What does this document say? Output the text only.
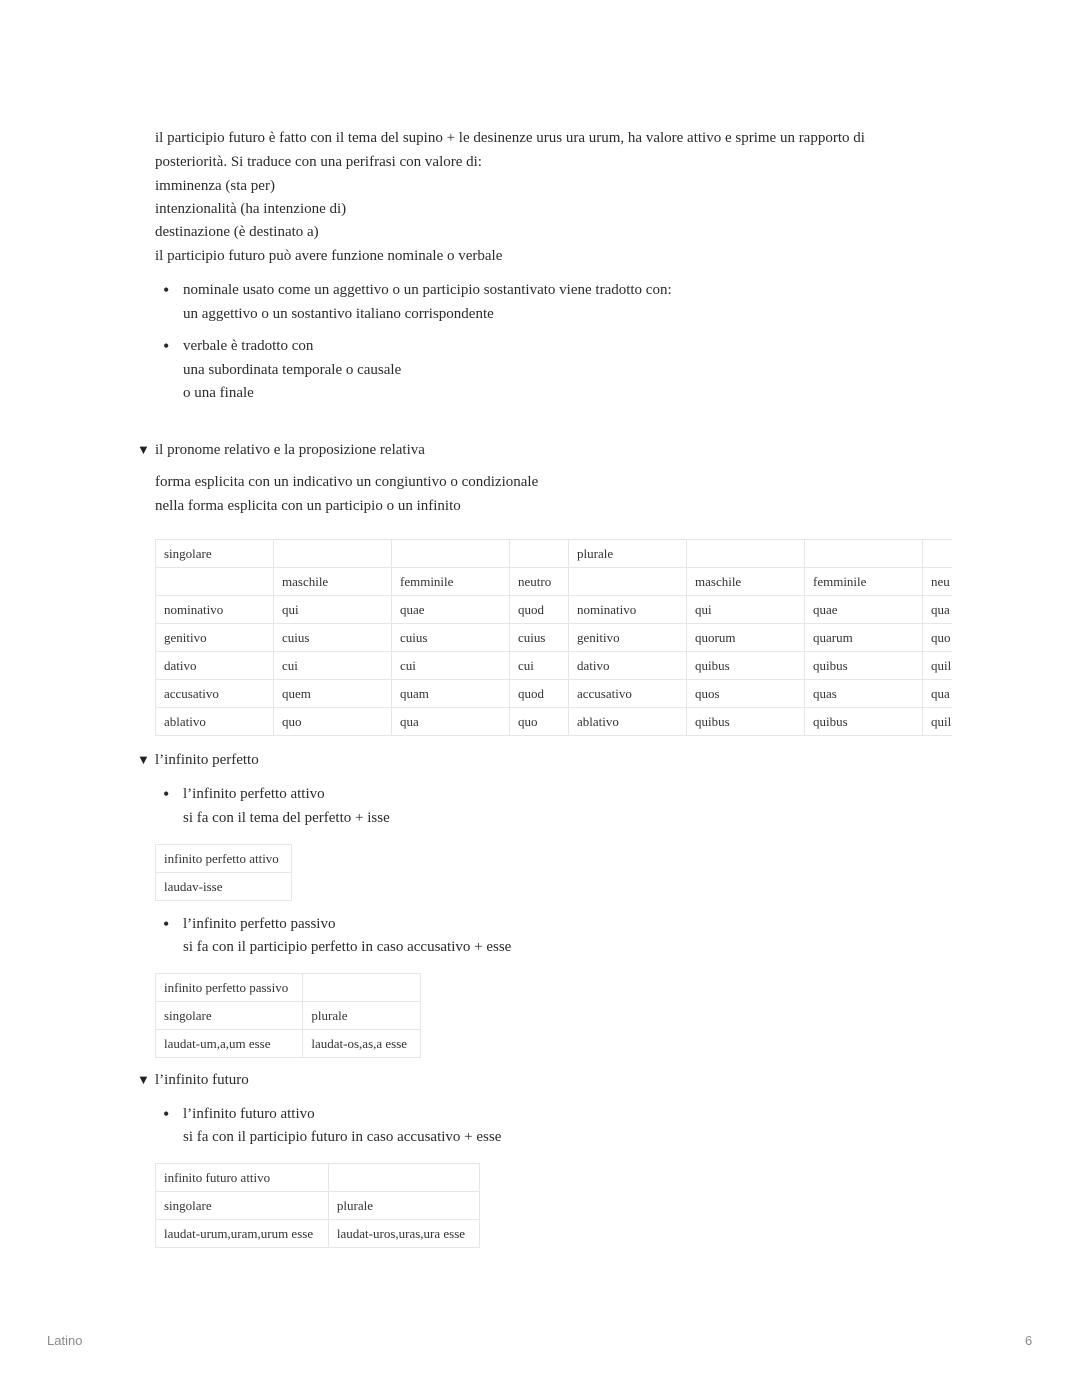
il participio futuro è fatto con il tema del supino + le desinenze urus ura urum, ha valore attivo e sprime un rapporto di
posteriorità. Si traduce con una perifrasi con valore di:
imminenza (sta per)
intenzionalità (ha intenzione di)
destinazione (è destinato a)
il participio futuro può avere funzione nominale o verbale
• nominale usato come un aggettivo o un participio sostantivato viene tradotto con:
un aggettivo o un sostantivo italiano corrispondente
• verbale è tradotto con
una subordinata temporale o causale
o una finale
▼ il pronome relativo e la proposizione relativa
forma esplicita con un indicativo un congiuntivo o condizionale
nella forma esplicita con un participio o un infinito
singolare				plurale			
	maschile	femminile	neutro		maschile	femminile	neu
nominativo	qui	quae	quod	nominativo	qui	quae	qua
genitivo	cuius	cuius	cuius	genitivo	quorum	quarum	quo
dativo	cui	cui	cui	dativo	quibus	quibus	quil
accusativo	quem	quam	quod	accusativo	quos	quas	qua
ablativo	quo	qua	quo	ablativo	quibus	quibus	quil
▼ l’infinito perfetto
• l’infinito perfetto attivo
si fa con il tema del perfetto + isse
infinito perfetto attivo
laudav-isse
• l’infinito perfetto passivo
si fa con il participio perfetto in caso accusativo + esse
infinito perfetto passivo	
singolare	plurale
laudat-um,a,um esse	laudat-os,as,a esse
▼ l’infinito futuro
• l’infinito futuro attivo
si fa con il participio futuro in caso accusativo + esse
infinito futuro attivo	
singolare	plurale
laudat-urum,uram,urum esse	laudat-uros,uras,ura esse
Latino	6
